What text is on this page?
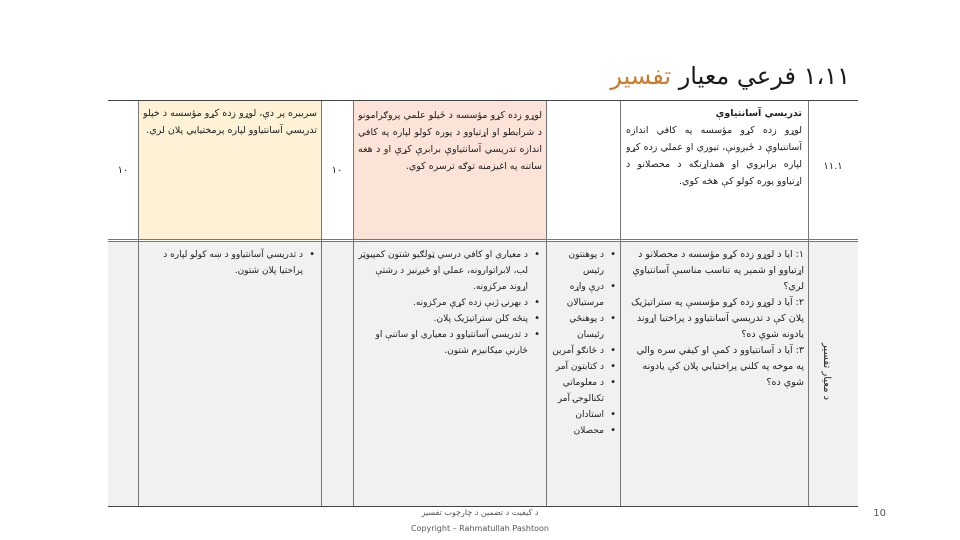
۱،۱۱ فرعي معيار تفسير
۱۱.۱

تدريسي آسانتياوې

لوړو زده کړو مؤسسه په کافي اندازه آسانتياوې د ځیږونې، تيوري او عملي زده کړو لپاره برابروي او همداړنګه د محصلانو د اړتياوو پوره کولو کې هڅه کوي.

لوړو زده کړو مؤسسه د ځيلو علمي پروګرامونو د شرايطو او اړتياوو د پوره کولو لپاره په کافي اندازه تدريسي آسانتياوې برابرې کړې او د هغه ساتنه په اغيزمنه توګه ترسره کوي.

۱۰

سربيره پر دې، لوړو زده کړو مؤسسه د خپلو تدريسي آسانتياوو لپاره پرمختيايي پلان لري.

۱۰
د معيار تفسير

۱: ايا د لوړو زده کړو مؤسسه د محصلانو د اړتياوو او شمېر په تناسب مناسبې آسانتياوې لري؟

۲: آيا د لوړو زده کړو مؤسسې په ستراتيژيک پلان کې د تدريسي آسانتياوو د پراختيا اړوند يادونه شوې ده؟

۳: آيا د آسانتياوو د کمې او کيفي سره والي په موخه په کلني پراختيايي پلان کې يادونه شوې ده؟

• د پوهنتون رئيس
• درې واړه مرستيالان
• د پوهنځي رئيسان
• د څانګو آمرين
• د کتابتون آمر
• د معلوماتي تکنالوجۍ آمر
• استادان
• محصلان
• د معياري او کافي درسي ټولګيو شتون کمپيوټر لب، لابراتوارونه، عملي او ځیږنيز د رشتې اړوند مرکزونه.
• د بهرنۍ ژبې زده کړې مرکزونه.
• پنځه کلن ستراتيژيک پلان.
• د تدريسي آسانتياوو د معياري او ساتنې او څارنې ميکانيزم شتون.
• د تدريسي آسانتياوو د ښه کولو لپاره د پراختيا پلان شتون.
د کیفیت د تضمین د چارچوب تفسیر
Copyright – Rahmatullah Pashtoon
10
